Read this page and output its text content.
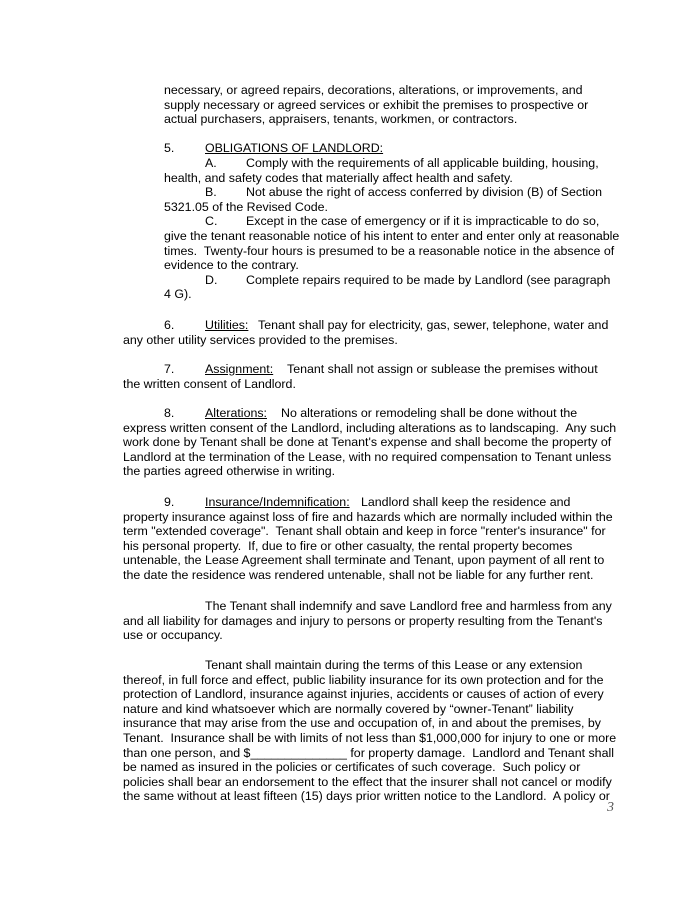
necessary, or agreed repairs, decorations, alterations, or improvements, and
supply necessary or agreed services or exhibit the premises to prospective or
actual purchasers, appraisers, tenants, workmen, or contractors.
5. OBLIGATIONS OF LANDLORD:
A. Comply with the requirements of all applicable building, housing,
health, and safety codes that materially affect health and safety.
B. Not abuse the right of access conferred by division (B) of Section
5321.05 of the Revised Code.
C. Except in the case of emergency or if it is impracticable to do so,
give the tenant reasonable notice of his intent to enter and enter only at reasonable
times.  Twenty-four hours is presumed to be a reasonable notice in the absence of
evidence to the contrary.
D. Complete repairs required to be made by Landlord (see paragraph
4 G).
6. Utilities: Tenant shall pay for electricity, gas, sewer, telephone, water and
any other utility services provided to the premises.
7. Assignment: Tenant shall not assign or sublease the premises without
the written consent of Landlord.
8. Alterations: No alterations or remodeling shall be done without the
express written consent of the Landlord, including alterations as to landscaping.  Any such
work done by Tenant shall be done at Tenant's expense and shall become the property of
Landlord at the termination of the Lease, with no required compensation to Tenant unless
the parties agreed otherwise in writing.
9. Insurance/Indemnification: Landlord shall keep the residence and
property insurance against loss of fire and hazards which are normally included within the
term "extended coverage".  Tenant shall obtain and keep in force "renter's insurance" for
his personal property.  If, due to fire or other casualty, the rental property becomes
untenable, the Lease Agreement shall terminate and Tenant, upon payment of all rent to
the date the residence was rendered untenable, shall not be liable for any further rent.
The Tenant shall indemnify and save Landlord free and harmless from any
and all liability for damages and injury to persons or property resulting from the Tenant's
use or occupancy.
Tenant shall maintain during the terms of this Lease or any extension
thereof, in full force and effect, public liability insurance for its own protection and for the
protection of Landlord, insurance against injuries, accidents or causes of action of every
nature and kind whatsoever which are normally covered by “owner-Tenant” liability
insurance that may arise from the use and occupation of, in and about the premises, by
Tenant.  Insurance shall be with limits of not less than $1,000,000 for injury to one or more
than one person, and $______________ for property damage.  Landlord and Tenant shall
be named as insured in the policies or certificates of such coverage.  Such policy or
policies shall bear an endorsement to the effect that the insurer shall not cancel or modify
the same without at least fifteen (15) days prior written notice to the Landlord.  A policy or
3
